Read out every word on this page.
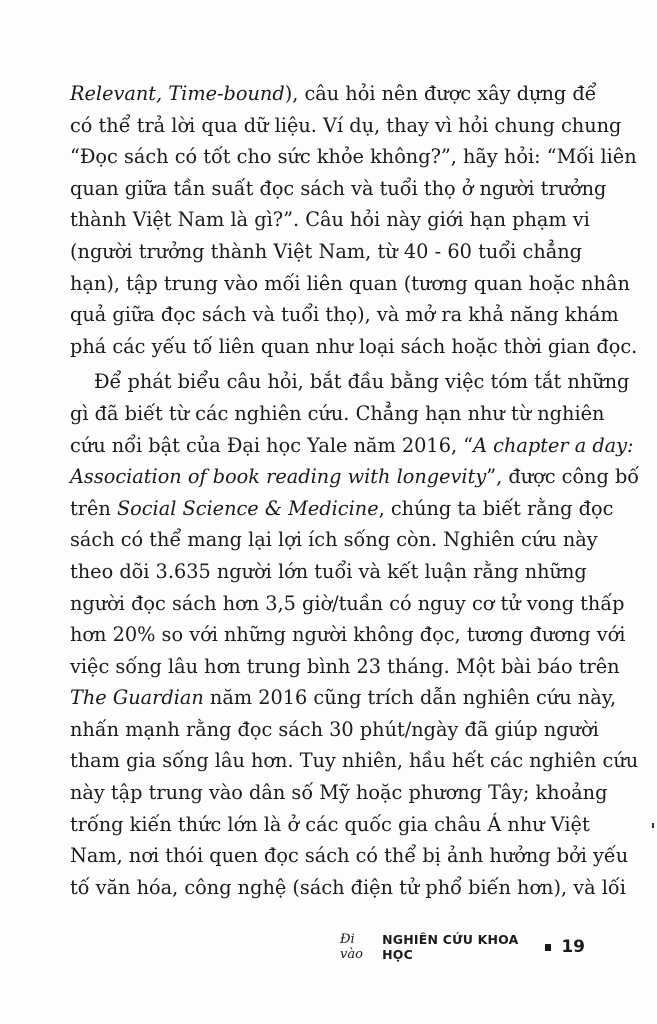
Relevant, Time-bound), câu hỏi nên được xây dựng để
có thể trả lời qua dữ liệu. Ví dụ, thay vì hỏi chung chung
“Đọc sách có tốt cho sức khỏe không?”, hãy hỏi: “Mối liên
quan giữa tần suất đọc sách và tuổi thọ ở người trưởng
thành Việt Nam là gì?”. Câu hỏi này giới hạn phạm vi
(người trưởng thành Việt Nam, từ 40 - 60 tuổi chẳng
hạn), tập trung vào mối liên quan (tương quan hoặc nhân
quả giữa đọc sách và tuổi thọ), và mở ra khả năng khám
phá các yếu tố liên quan như loại sách hoặc thời gian đọc.
Để phát biểu câu hỏi, bắt đầu bằng việc tóm tắt những
gì đã biết từ các nghiên cứu. Chẳng hạn như từ nghiên
cứu nổi bật của Đại học Yale năm 2016, “A chapter a day:
Association of book reading with longevity”, được công bố
trên Social Science & Medicine, chúng ta biết rằng đọc
sách có thể mang lại lợi ích sống còn. Nghiên cứu này
theo dõi 3.635 người lớn tuổi và kết luận rằng những
người đọc sách hơn 3,5 giờ/tuần có nguy cơ tử vong thấp
hơn 20% so với những người không đọc, tương đương với
việc sống lâu hơn trung bình 23 tháng. Một bài báo trên
The Guardian năm 2016 cũng trích dẫn nghiên cứu này,
nhấn mạnh rằng đọc sách 30 phút/ngày đã giúp người
tham gia sống lâu hơn. Tuy nhiên, hầu hết các nghiên cứu
này tập trung vào dân số Mỹ hoặc phương Tây; khoảng
trống kiến thức lớn là ở các quốc gia châu Á như Việt
Nam, nơi thói quen đọc sách có thể bị ảnh hưởng bởi yếu
tố văn hóa, công nghệ (sách điện tử phổ biến hơn), và lối
Đi vào
NGHIÊN CỨU KHOA HỌC	19
